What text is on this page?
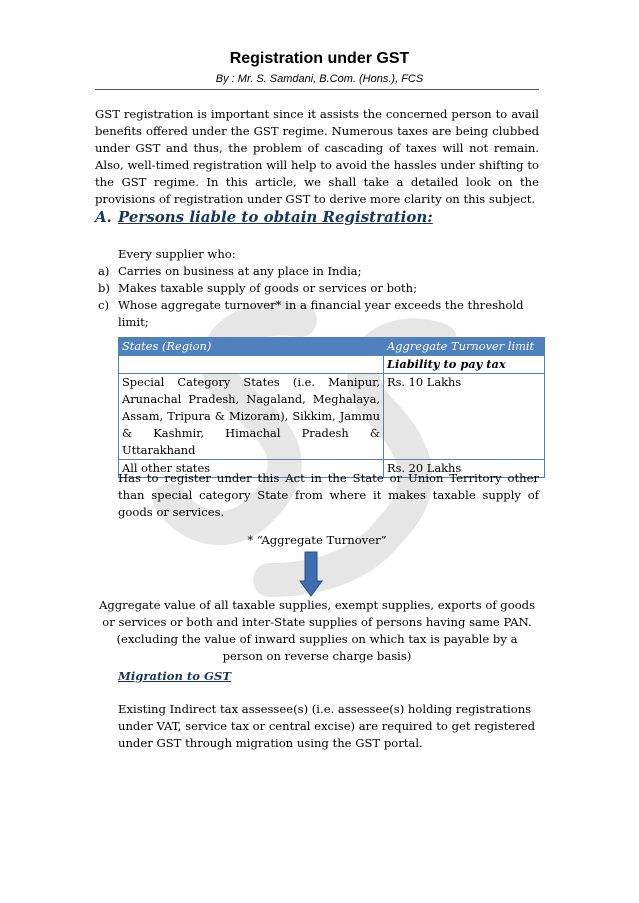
Registration under GST
By : Mr. S. Samdani, B.Com. (Hons.), FCS

GST registration is important since it assists the concerned person to avail benefits offered under the GST regime. Numerous taxes are being clubbed under GST and thus, the problem of cascading of taxes will not remain. Also, well-timed registration will help to avoid the hassles under shifting to the GST regime. In this article, we shall take a detailed look on the provisions of registration under GST to derive more clarity on this subject.

A. Persons liable to obtain Registration:

Every supplier who:

a) Carries on business at any place in India;
b) Makes taxable supply of goods or services or both;
c) Whose aggregate turnover* in a financial year exceeds the threshold limit;
States (Region)	Aggregate Turnover limit
	Liability to pay tax
Special Category States (i.e. Manipur, Arunachal Pradesh, Nagaland, Meghalaya, Assam, Tripura & Mizoram), Sikkim, Jammu & Kashmir, Himachal Pradesh & Uttarakhand	Rs. 10 Lakhs
All other states	Rs. 20 Lakhs

Has to register under this Act in the State or Union Territory other than special category State from where it makes taxable supply of goods or services.

* “Aggregate Turnover”

Aggregate value of all taxable supplies, exempt supplies, exports of goods or services or both and inter-State supplies of persons having same PAN.

(excluding the value of inward supplies on which tax is payable by a person on reverse charge basis)

Migration to GST

Existing Indirect tax assessee(s) (i.e. assessee(s) holding registrations under VAT, service tax or central excise) are required to get registered under GST through migration using the GST portal.
